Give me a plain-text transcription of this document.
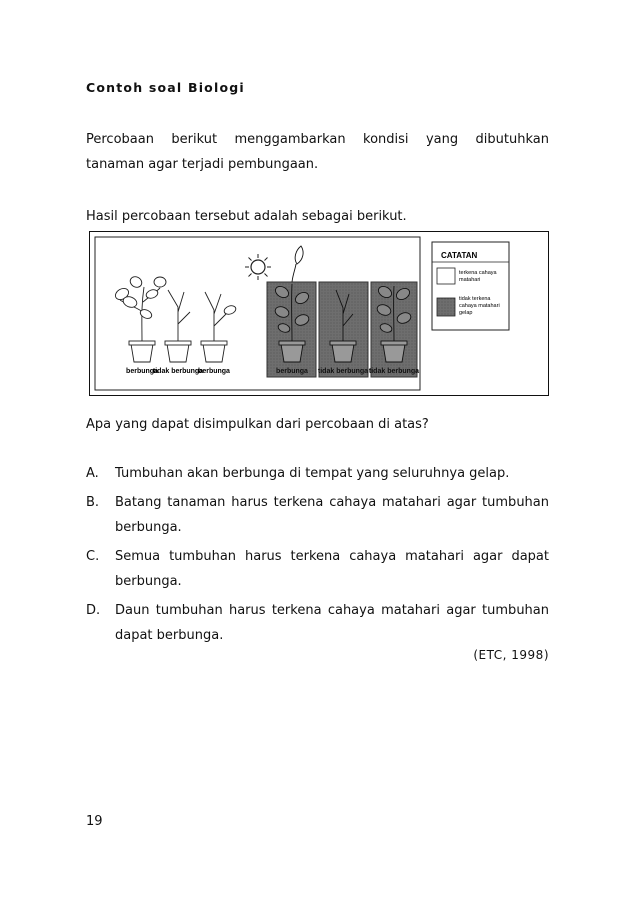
Contoh soal Biologi
Percobaan berikut menggambarkan kondisi yang dibutuhkan
tanaman agar terjadi pembungaan.
Hasil percobaan tersebut adalah sebagai berikut.
berbunga
tidak berbunga
berbunga	berbunga tidak berbunga tidak berbunga
CATATAN
terkena cahaya
matahari
tidak terkena
cahaya matahari
gelap
Apa yang dapat disimpulkan dari percobaan di atas?
A.	Tumbuhan akan berbunga di tempat yang seluruhnya gelap.
B.	Batang tanaman harus terkena cahaya matahari agar tumbuhan
berbunga.
C.	Semua tumbuhan harus terkena cahaya matahari agar dapat
berbunga.
D.	Daun tumbuhan harus terkena cahaya matahari agar tumbuhan
dapat berbunga.
(ETC, 1998)
19
